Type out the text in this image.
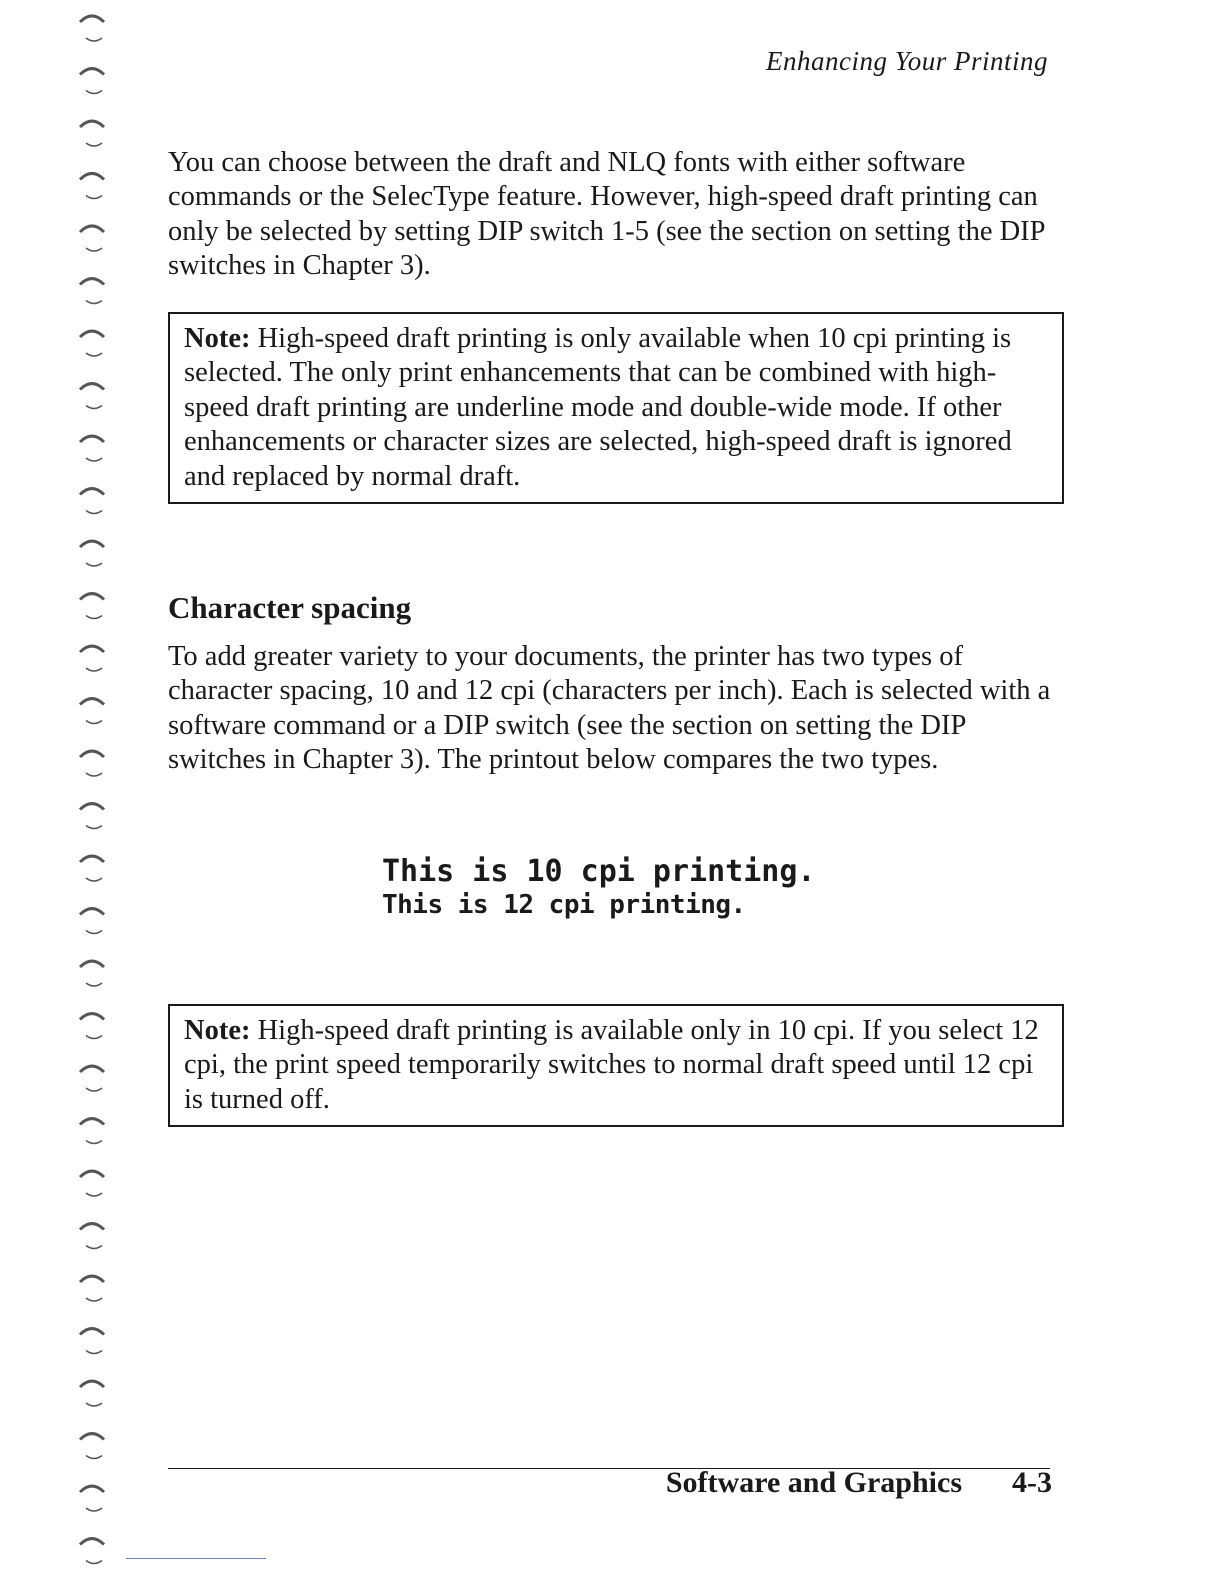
Enhancing Your Printing

You can choose between the draft and NLQ fonts with either software commands or the SelecType feature. However, high-speed draft printing can only be selected by setting DIP switch 1-5 (see the section on setting the DIP switches in Chapter 3).

Note: High-speed draft printing is only available when 10 cpi printing is selected. The only print enhancements that can be combined with high-speed draft printing are underline mode and double-wide mode. If other enhancements or character sizes are selected, high-speed draft is ignored and replaced by normal draft.
Character spacing

To add greater variety to your documents, the printer has two types of character spacing, 10 and 12 cpi (characters per inch). Each is selected with a software command or a DIP switch (see the section on setting the DIP switches in Chapter 3). The printout below compares the two types.

This is 10 cpi printing.
This is 12 cpi printing.
Note: High-speed draft printing is available only in 10 cpi. If you select 12 cpi, the print speed temporarily switches to normal draft speed until 12 cpi is turned off.
Software and Graphics 4-3
